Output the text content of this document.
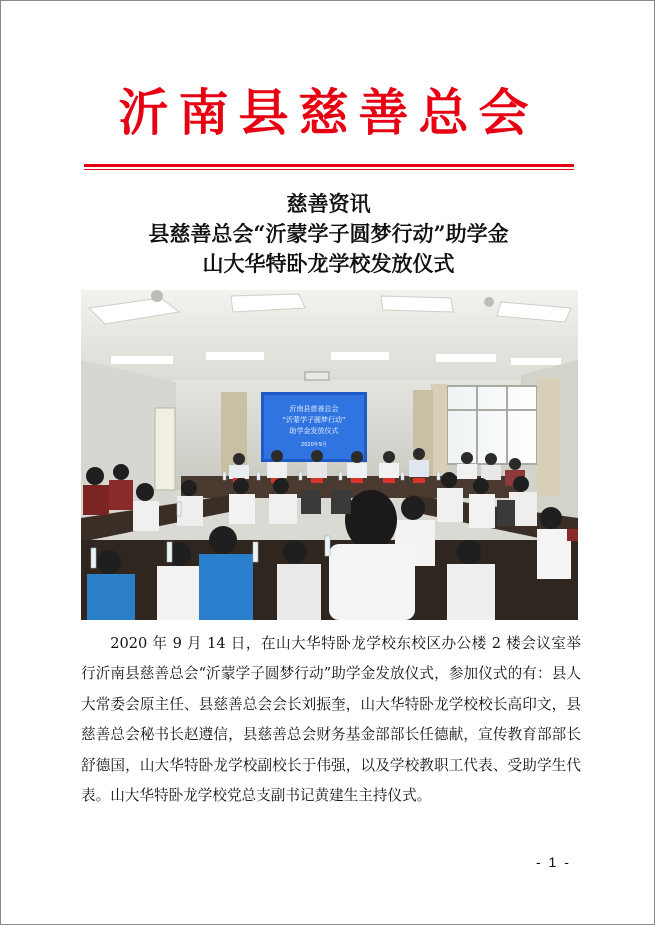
沂南县慈善总会
慈善资讯
县慈善总会“沂蒙学子圆梦行动”助学金
山大华特卧龙学校发放仪式
沂南县慈善总会
“沂蒙学子圆梦行动”
助学金发放仪式
2020年9月

2020 年 9 月 14 日，在山大华特卧龙学校东校区办公楼 2 楼会议室举行沂南县慈善总会“沂蒙学子圆梦行动”助学金发放仪式，参加仪式的有：县人大常委会原主任、县慈善总会会长刘振奎，山大华特卧龙学校校长高印文，县慈善总会秘书长赵遵信，县慈善总会财务基金部部长任德献，宣传教育部部长舒德国，山大华特卧龙学校副校长于伟强，以及学校教职工代表、受助学生代表。山大华特卧龙学校党总支副书记黄建生主持仪式。

- 1 -
